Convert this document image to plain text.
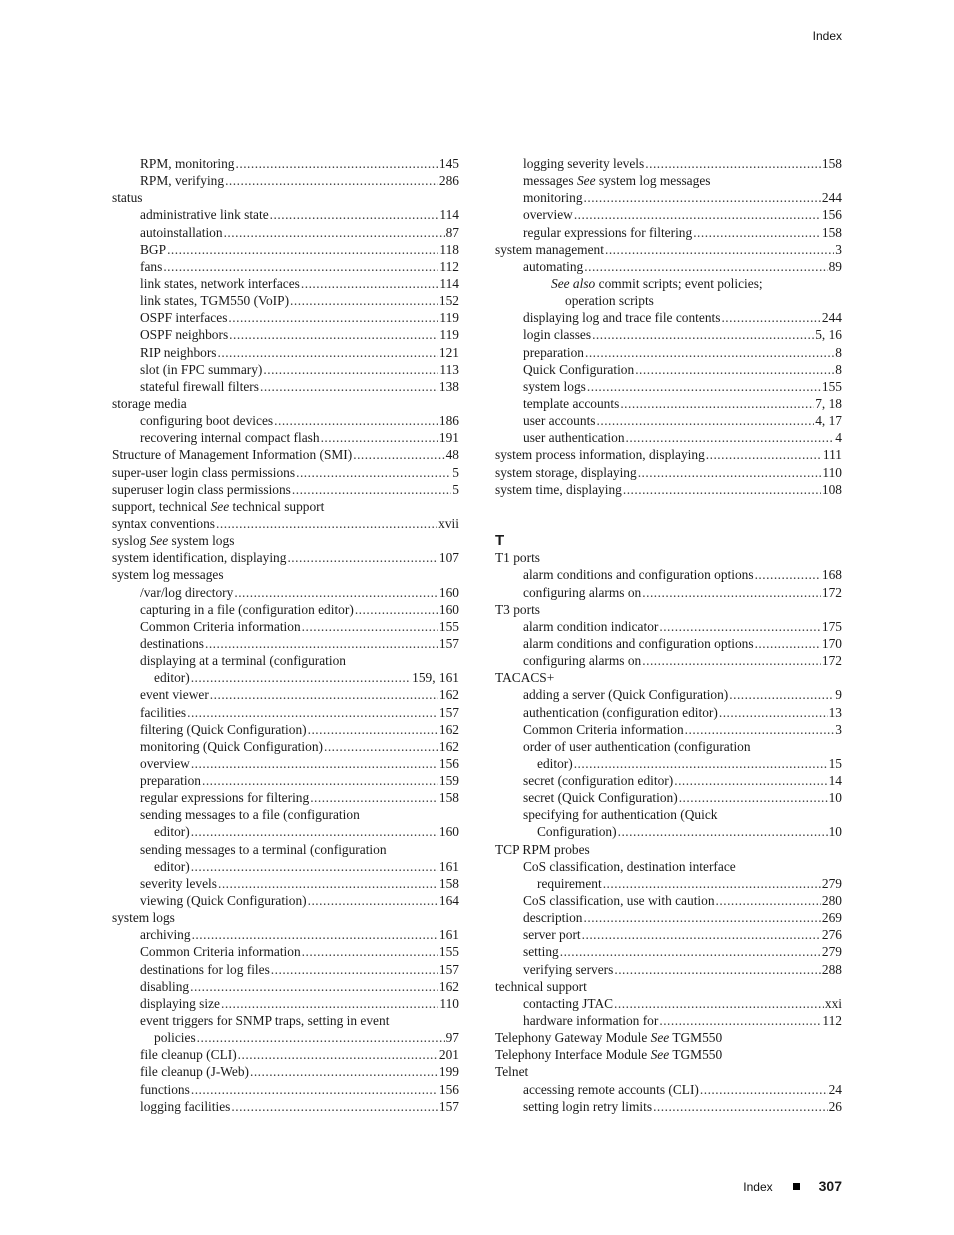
Index
RPM, monitoring .....	145
RPM, verifying .....	286
status
administrative link state .....	114
autoinstallation .....	87
BGP .....	118
fans .....	112
link states, network interfaces .....	114
link states, TGM550 (VoIP) .....	152
OSPF interfaces .....	119
OSPF neighbors .....	119
RIP neighbors .....	121
slot (in FPC summary) .....	113
stateful firewall filters .....	138
storage media
configuring boot devices .....	186
recovering internal compact flash .....	191
Structure of Management Information (SMI) .....	48
super-user login class permissions .....	5
superuser login class permissions .....	5
support, technical See technical support
syntax conventions .....	xvii
syslog See system logs
system identification, displaying .....	107
system log messages
/var/log directory .....	160
capturing in a file (configuration editor) .....	160
Common Criteria information .....	155
destinations .....	157
displaying at a terminal (configuration
editor) .....	159, 161
event viewer .....	162
facilities .....	157
filtering (Quick Configuration) .....	162
monitoring (Quick Configuration) .....	162
overview .....	156
preparation .....	159
regular expressions for filtering .....	158
sending messages to a file (configuration
editor) .....	160
sending messages to a terminal (configuration
editor) .....	161
severity levels .....	158
viewing (Quick Configuration) .....	164
system logs
archiving .....	161
Common Criteria information .....	155
destinations for log files .....	157
disabling .....	162
displaying size .....	110
event triggers for SNMP traps, setting in event
policies .....	97
file cleanup (CLI) .....	201
file cleanup (J-Web) .....	199
functions .....	156
logging facilities .....	157
logging severity levels .....	158
messages See system log messages
monitoring .....	244
overview .....	156
regular expressions for filtering .....	158
system management .....	3
automating .....	89
See also commit scripts; event policies;
operation scripts
displaying log and trace file contents .....	244
login classes .....	5, 16
preparation .....	8
Quick Configuration .....	8
system logs .....	155
template accounts .....	7, 18
user accounts .....	4, 17
user authentication .....	4
system process information, displaying .....	111
system storage, displaying .....	110
system time, displaying .....	108
T
T1 ports
alarm conditions and configuration options .....	168
configuring alarms on .....	172
T3 ports
alarm condition indicator .....	175
alarm conditions and configuration options .....	170
configuring alarms on .....	172
TACACS+
adding a server (Quick Configuration) .....	9
authentication (configuration editor) .....	13
Common Criteria information .....	3
order of user authentication (configuration
editor) .....	15
secret (configuration editor) .....	14
secret (Quick Configuration) .....	10
specifying for authentication (Quick
Configuration) .....	10
TCP RPM probes
CoS classification, destination interface
requirement .....	279
CoS classification, use with caution .....	280
description .....	269
server port .....	276
setting .....	279
verifying servers .....	288
technical support
contacting JTAC .....	xxi
hardware information for .....	112
Telephony Gateway Module See TGM550
Telephony Interface Module See TGM550
Telnet
accessing remote accounts (CLI) .....	24
setting login retry limits .....	26
Index	307
